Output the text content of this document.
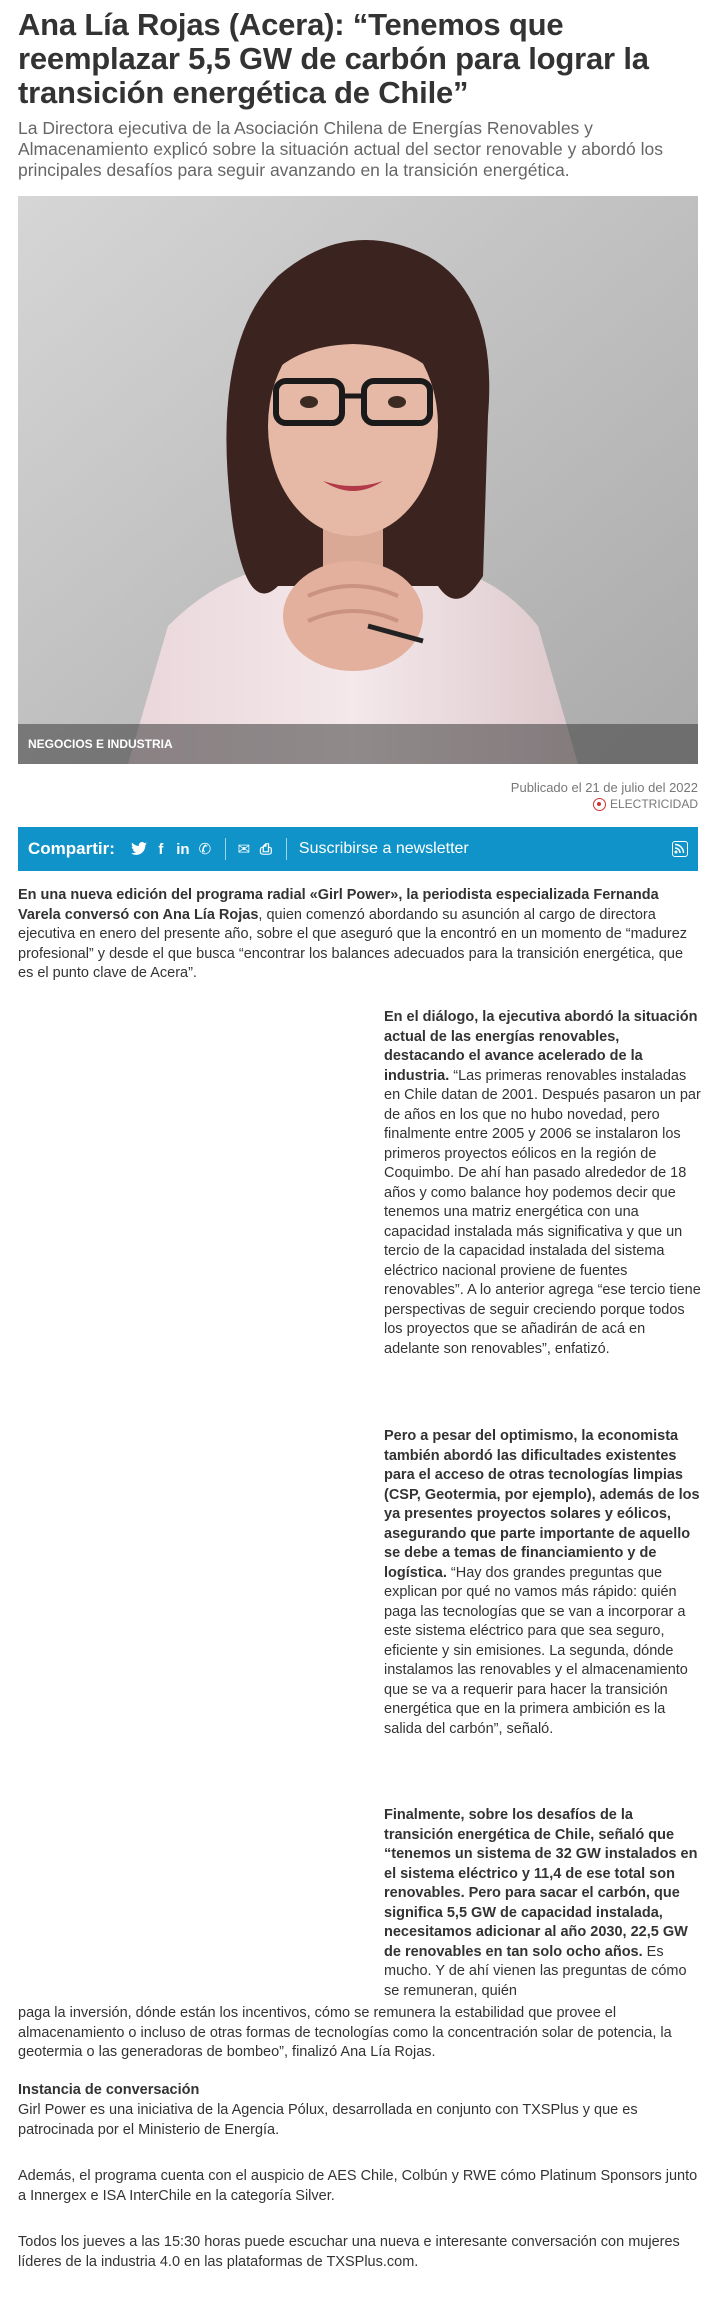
Ana Lía Rojas (Acera): “Tenemos que reemplazar 5,5 GW de carbón para lograr la transición energética de Chile”

La Directora ejecutiva de la Asociación Chilena de Energías Renovables y Almacenamiento explicó sobre la situación actual del sector renovable y abordó los principales desafíos para seguir avanzando en la transición energética.

NEGOCIOS E INDUSTRIA
Publicado el 21 de julio del 2022
ELECTRICIDAD
Compartir:	f in ✆ ✉ ⎙ Suscribirse a newsletter

En una nueva edición del programa radial «Girl Power», la periodista especializada Fernanda Varela conversó con Ana Lía Rojas, quien comenzó abordando su asunción al cargo de directora ejecutiva en enero del presente año, sobre el que aseguró que la encontró en un momento de “madurez profesional” y desde el que busca “encontrar los balances adecuados para la transición energética, que es el punto clave de Acera”.

En el diálogo, la ejecutiva abordó la situación actual de las energías renovables, destacando el avance acelerado de la industria. “Las primeras renovables instaladas en Chile datan de 2001. Después pasaron un par de años en los que no hubo novedad, pero finalmente entre 2005 y 2006 se instalaron los primeros proyectos eólicos en la región de Coquimbo. De ahí han pasado alrededor de 18 años y como balance hoy podemos decir que tenemos una matriz energética con una capacidad instalada más significativa y que un tercio de la capacidad instalada del sistema eléctrico nacional proviene de fuentes renovables”. A lo anterior agrega “ese tercio tiene perspectivas de seguir creciendo porque todos los proyectos que se añadirán de acá en adelante son renovables”, enfatizó.

Pero a pesar del optimismo, la economista también abordó las dificultades existentes para el acceso de otras tecnologías limpias (CSP, Geotermia, por ejemplo), además de los ya presentes proyectos solares y eólicos, asegurando que parte importante de aquello se debe a temas de financiamiento y de logística. “Hay dos grandes preguntas que explican por qué no vamos más rápido: quién paga las tecnologías que se van a incorporar a este sistema eléctrico para que sea seguro, eficiente y sin emisiones. La segunda, dónde instalamos las renovables y el almacenamiento que se va a requerir para hacer la transición energética que en la primera ambición es la salida del carbón”, señaló.

Finalmente, sobre los desafíos de la transición energética de Chile, señaló que “tenemos un sistema de 32 GW instalados en el sistema eléctrico y 11,4 de ese total son renovables. Pero para sacar el carbón, que significa 5,5 GW de capacidad instalada, necesitamos adicionar al año 2030, 22,5 GW de renovables en tan solo ocho años. Es mucho. Y de ahí vienen las preguntas de cómo se remuneran, quién

paga la inversión, dónde están los incentivos, cómo se remunera la estabilidad que provee el almacenamiento o incluso de otras formas de tecnologías como la concentración solar de potencia, la geotermia o las generadoras de bombeo”, finalizó Ana Lía Rojas.

Instancia de conversación

Girl Power es una iniciativa de la Agencia Pólux, desarrollada en conjunto con TXSPlus y que es patrocinada por el Ministerio de Energía.

Además, el programa cuenta con el auspicio de AES Chile, Colbún y RWE cómo Platinum Sponsors junto a Innergex e ISA InterChile en la categoría Silver.

Todos los jueves a las 15:30 horas puede escuchar una nueva e interesante conversación con mujeres líderes de la industria 4.0 en las plataformas de TXSPlus.com.
